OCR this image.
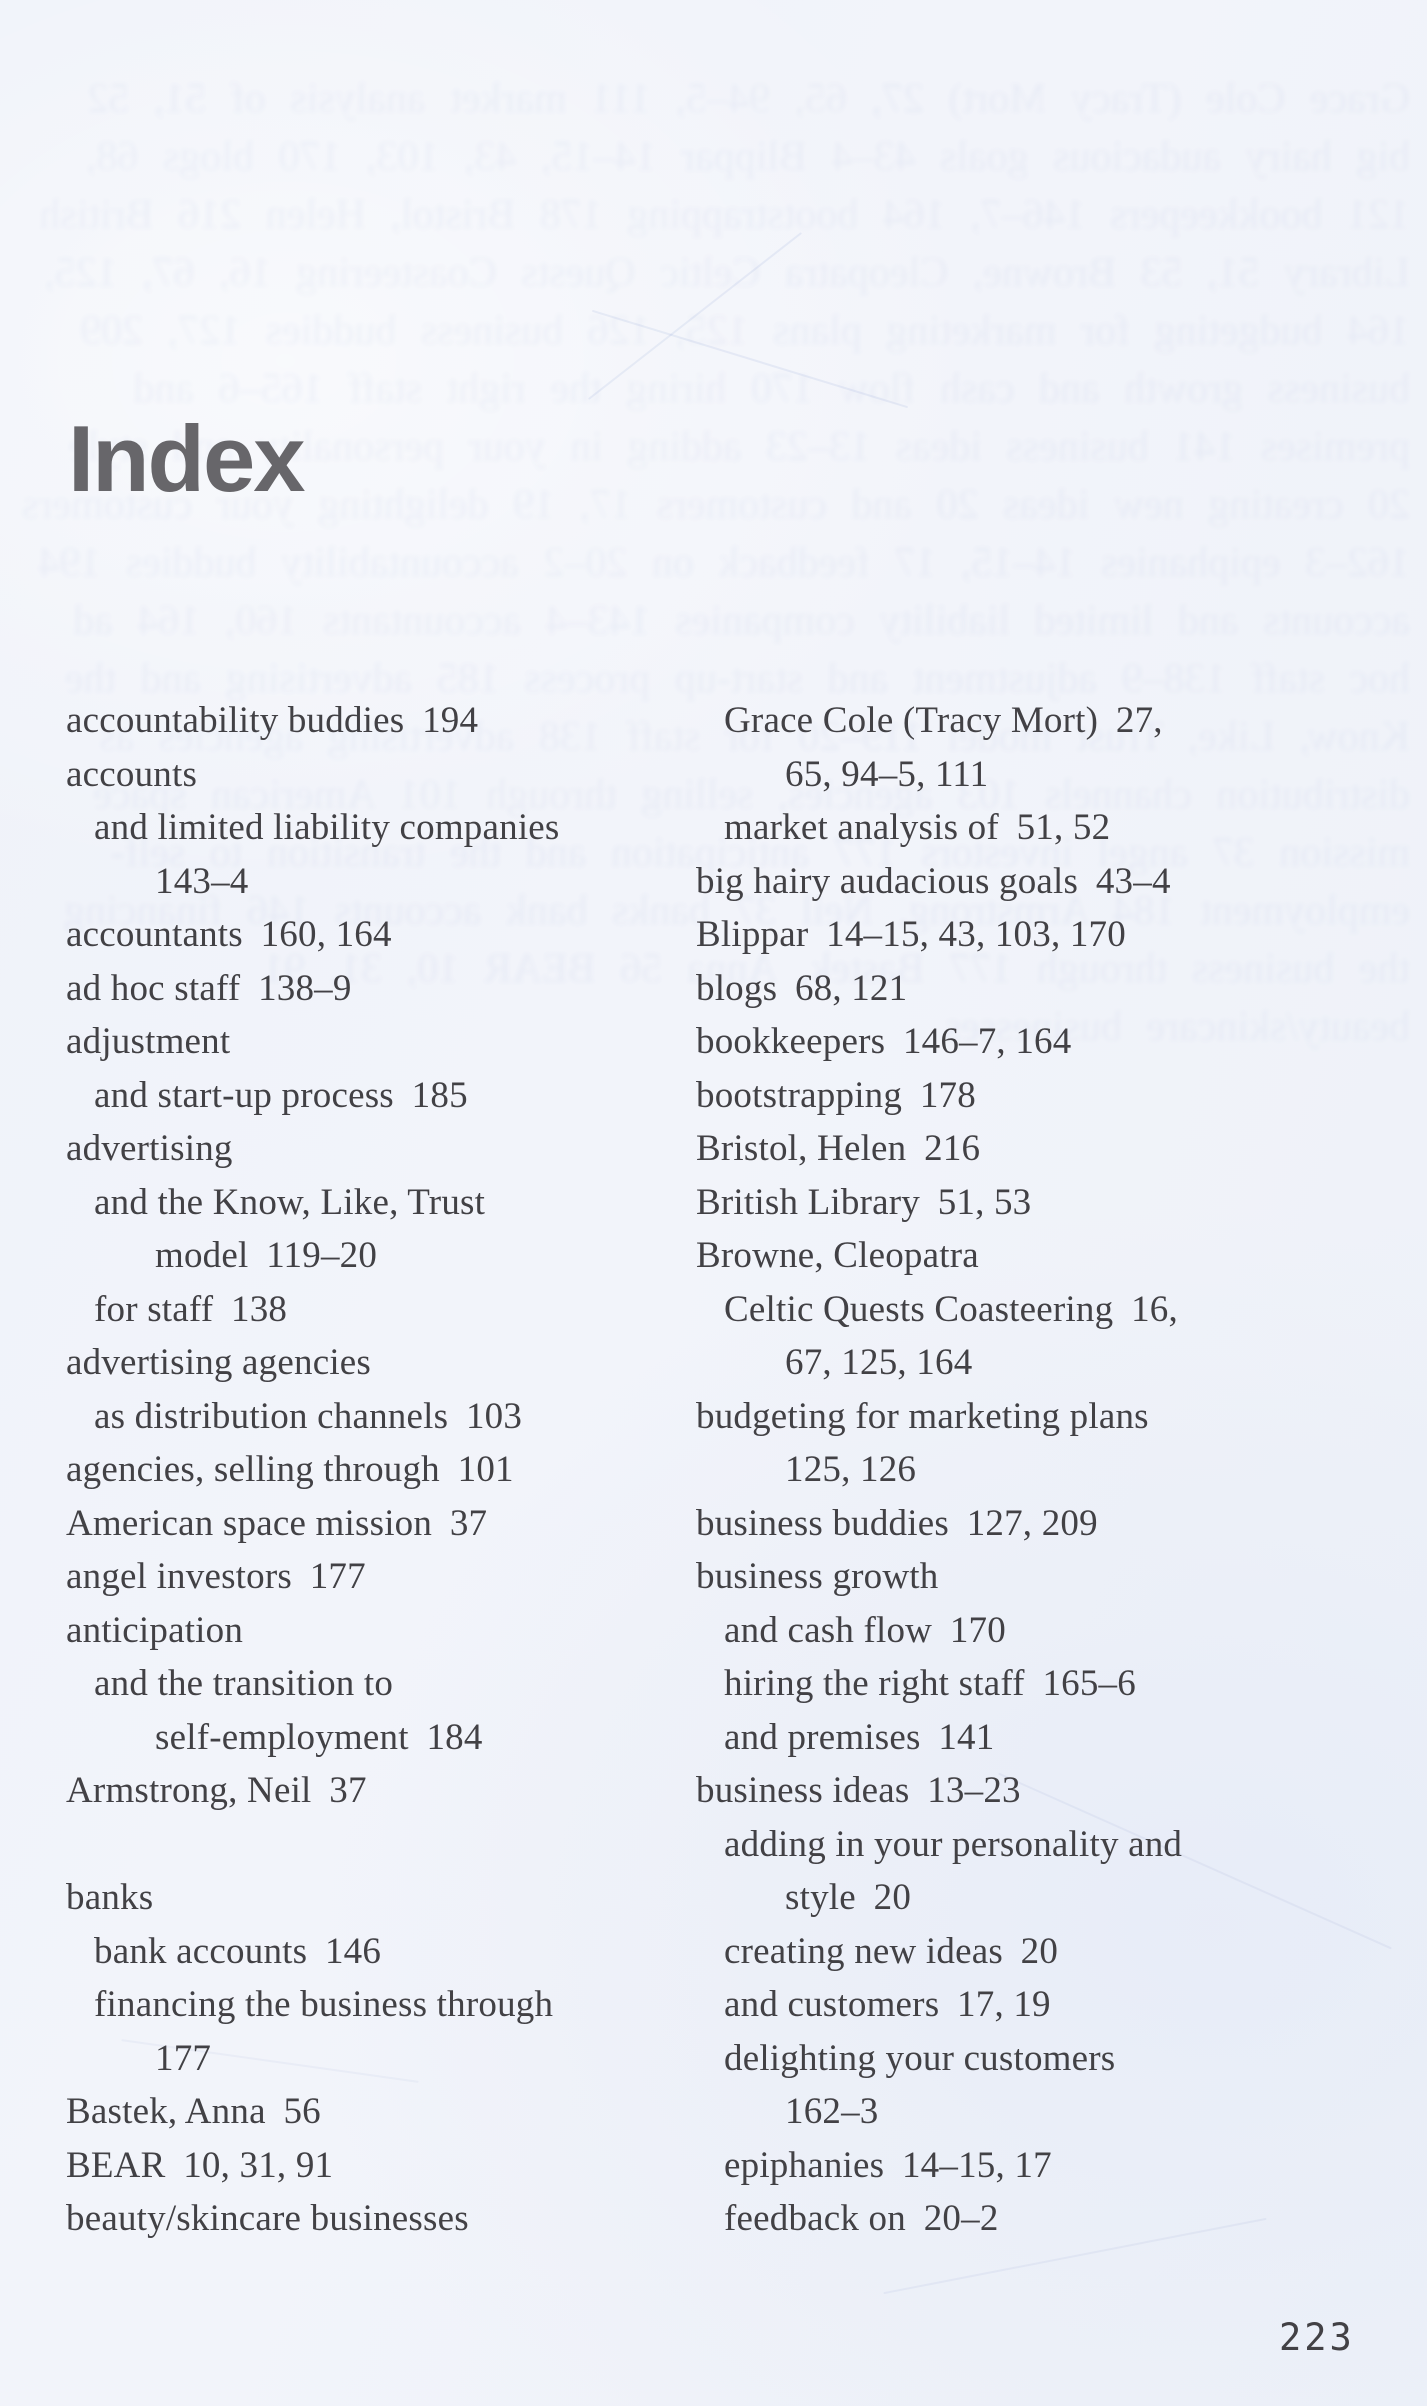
Index
accountability buddies 194
accounts
and limited liability companies
143–4
accountants 160, 164
ad hoc staff 138–9
adjustment
and start-up process 185
advertising
and the Know, Like, Trust
model 119–20
for staff 138
advertising agencies
as distribution channels 103
agencies, selling through 101
American space mission 37
angel investors 177
anticipation
and the transition to
self-employment 184
Armstrong, Neil 37
banks
bank accounts 146
financing the business through
177
Bastek, Anna 56
BEAR 10, 31, 91
beauty/skincare businesses
Grace Cole (Tracy Mort) 27,
65, 94–5, 111
market analysis of 51, 52
big hairy audacious goals 43–4
Blippar 14–15, 43, 103, 170
blogs 68, 121
bookkeepers 146–7, 164
bootstrapping 178
Bristol, Helen 216
British Library 51, 53
Browne, Cleopatra
Celtic Quests Coasteering 16,
67, 125, 164
budgeting for marketing plans
125, 126
business buddies 127, 209
business growth
and cash flow 170
hiring the right staff 165–6
and premises 141
business ideas 13–23
adding in your personality and
style 20
creating new ideas 20
and customers 17, 19
delighting your customers
162–3
epiphanies 14–15, 17
feedback on 20–2
223
